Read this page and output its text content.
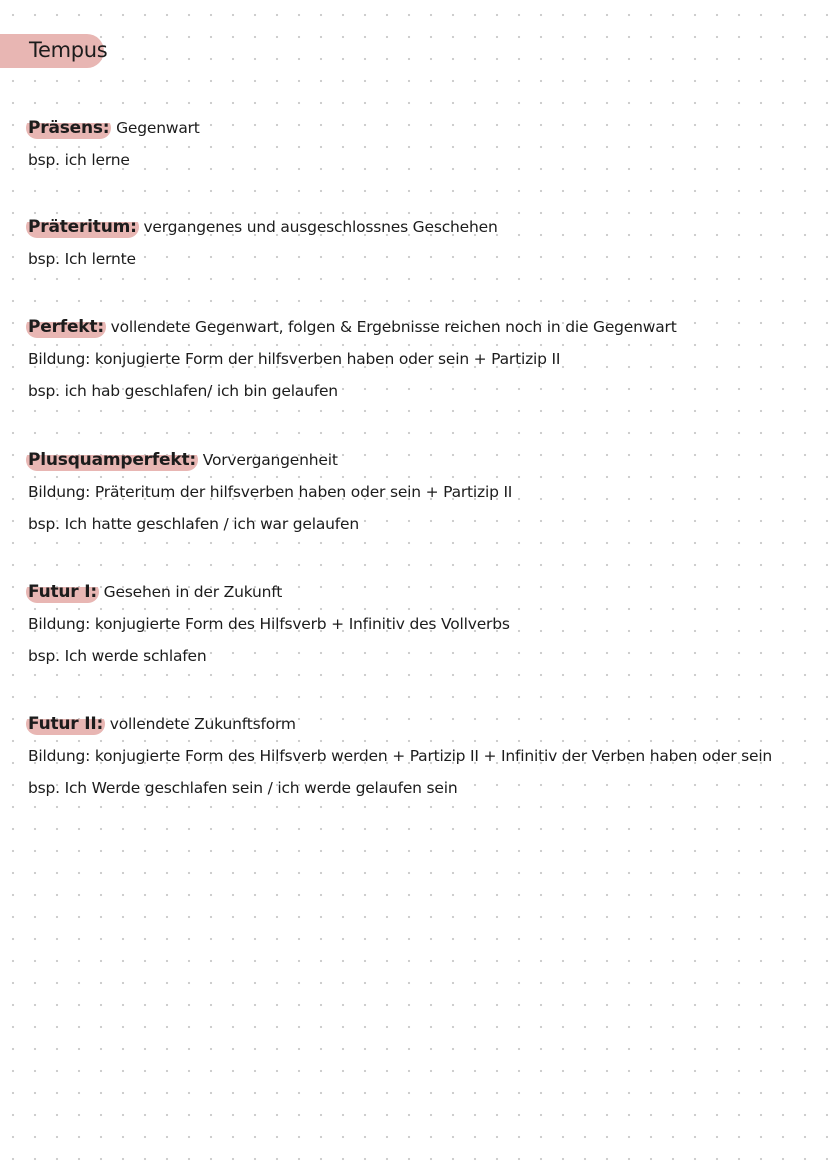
Tempus
Präsens: Gegenwart
bsp. ich lerne
Präteritum: vergangenes und ausgeschlossnes Geschehen
bsp. Ich lernte
Perfekt: vollendete Gegenwart, folgen & Ergebnisse reichen noch in die Gegenwart
Bildung: konjugierte Form der hilfsverben haben oder sein + Partizip II
bsp. ich hab geschlafen/ ich bin gelaufen
Plusquamperfekt: Vorvergangenheit
Bildung: Präteritum der hilfsverben haben oder sein + Partizip II
bsp. Ich hatte geschlafen / ich war gelaufen
Futur I: Gesehen in der Zukunft
Bildung: konjugierte Form des Hilfsverb + Infinitiv des Vollverbs
bsp. Ich werde schlafen
Futur II: vollendete Zukunftsform
Bildung: konjugierte Form des Hilfsverb werden + Partizip II + Infinitiv der Verben haben oder sein
bsp. Ich Werde geschlafen sein / ich werde gelaufen sein
